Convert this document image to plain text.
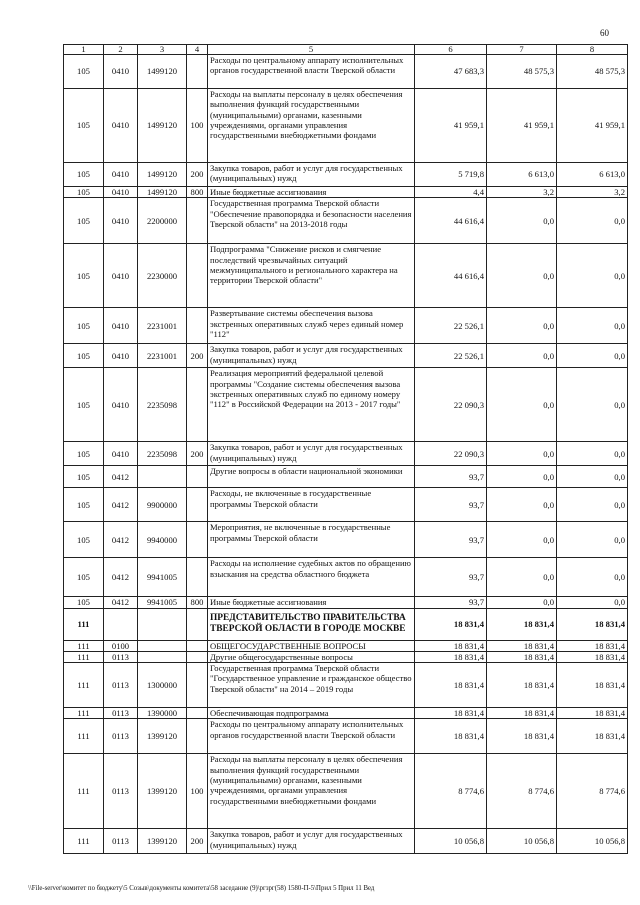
60
1	2	3	4	5	6	7	8
105	0410	1499120		Расходы по центральному аппарату исполнительных органов государственной власти Тверской области	47 683,3	48 575,3	48 575,3
105	0410	1499120	100	Расходы на выплаты персоналу в целях обеспечения выполнения функций государственными (муниципальными) органами, казенными учреждениями, органами управления государственными внебюджетными фондами	41 959,1	41 959,1	41 959,1
105	0410	1499120	200	Закупка товаров, работ и услуг для государственных (муниципальных) нужд	5 719,8	6 613,0	6 613,0
105	0410	1499120	800	Иные бюджетные ассигнования	4,4	3,2	3,2
105	0410	2200000		Государственная программа Тверской области "Обеспечение правопорядка и безопасности населения Тверской области" на 2013-2018 годы	44 616,4	0,0	0,0
105	0410	2230000		Подпрограмма "Снижение рисков и смягчение последствий чрезвычайных ситуаций межмуниципального и регионального характера на территории Тверской области"	44 616,4	0,0	0,0
105	0410	2231001		Развертывание системы обеспечения вызова экстренных оперативных служб через единый номер "112"	22 526,1	0,0	0,0
105	0410	2231001	200	Закупка товаров, работ и услуг для государственных (муниципальных) нужд	22 526,1	0,0	0,0
105	0410	2235098		Реализация мероприятий федеральной целевой программы "Создание системы обеспечения вызова экстренных оперативных служб по единому номеру "112" в Российской Федерации на 2013 - 2017 годы"	22 090,3	0,0	0,0
105	0410	2235098	200	Закупка товаров, работ и услуг для государственных (муниципальных) нужд	22 090,3	0,0	0,0
105	0412			Другие вопросы в области национальной экономики	93,7	0,0	0,0
105	0412	9900000		Расходы, не включенные в государственные программы Тверской области	93,7	0,0	0,0
105	0412	9940000		Мероприятия, не включенные в государственные программы Тверской области	93,7	0,0	0,0
105	0412	9941005		Расходы на исполнение судебных актов по обращению взыскания на средства областного бюджета	93,7	0,0	0,0
105	0412	9941005	800	Иные бюджетные ассигнования	93,7	0,0	0,0
111				ПРЕДСТАВИТЕЛЬСТВО ПРАВИТЕЛЬСТВА ТВЕРСКОЙ ОБЛАСТИ В ГОРОДЕ МОСКВЕ	18 831,4	18 831,4	18 831,4
111	0100			ОБЩЕГОСУДАРСТВЕННЫЕ ВОПРОСЫ	18 831,4	18 831,4	18 831,4
111	0113			Другие общегосударственные вопросы	18 831,4	18 831,4	18 831,4
111	0113	1300000		Государственная программа Тверской области "Государственное управление и гражданское общество Тверской области" на 2014 – 2019 годы	18 831,4	18 831,4	18 831,4
111	0113	1390000		Обеспечивающая подпрограмма	18 831,4	18 831,4	18 831,4
111	0113	1399120		Расходы по центральному аппарату исполнительных органов государственной власти Тверской области	18 831,4	18 831,4	18 831,4
111	0113	1399120	100	Расходы на выплаты персоналу в целях обеспечения выполнения функций государственными (муниципальными) органами, казенными учреждениями, органами управления государственными внебюджетными фондами	8 774,6	8 774,6	8 774,6
111	0113	1399120	200	Закупка товаров, работ и услуг для государственных (муниципальных) нужд	10 056,8	10 056,8	10 056,8
\\File-server\комитет по бюджету\5 Созыв\документы комитета\58 заседание (9)\ргзрг(58) 1580-П-5\Прил 5 Прил 11 Вед
